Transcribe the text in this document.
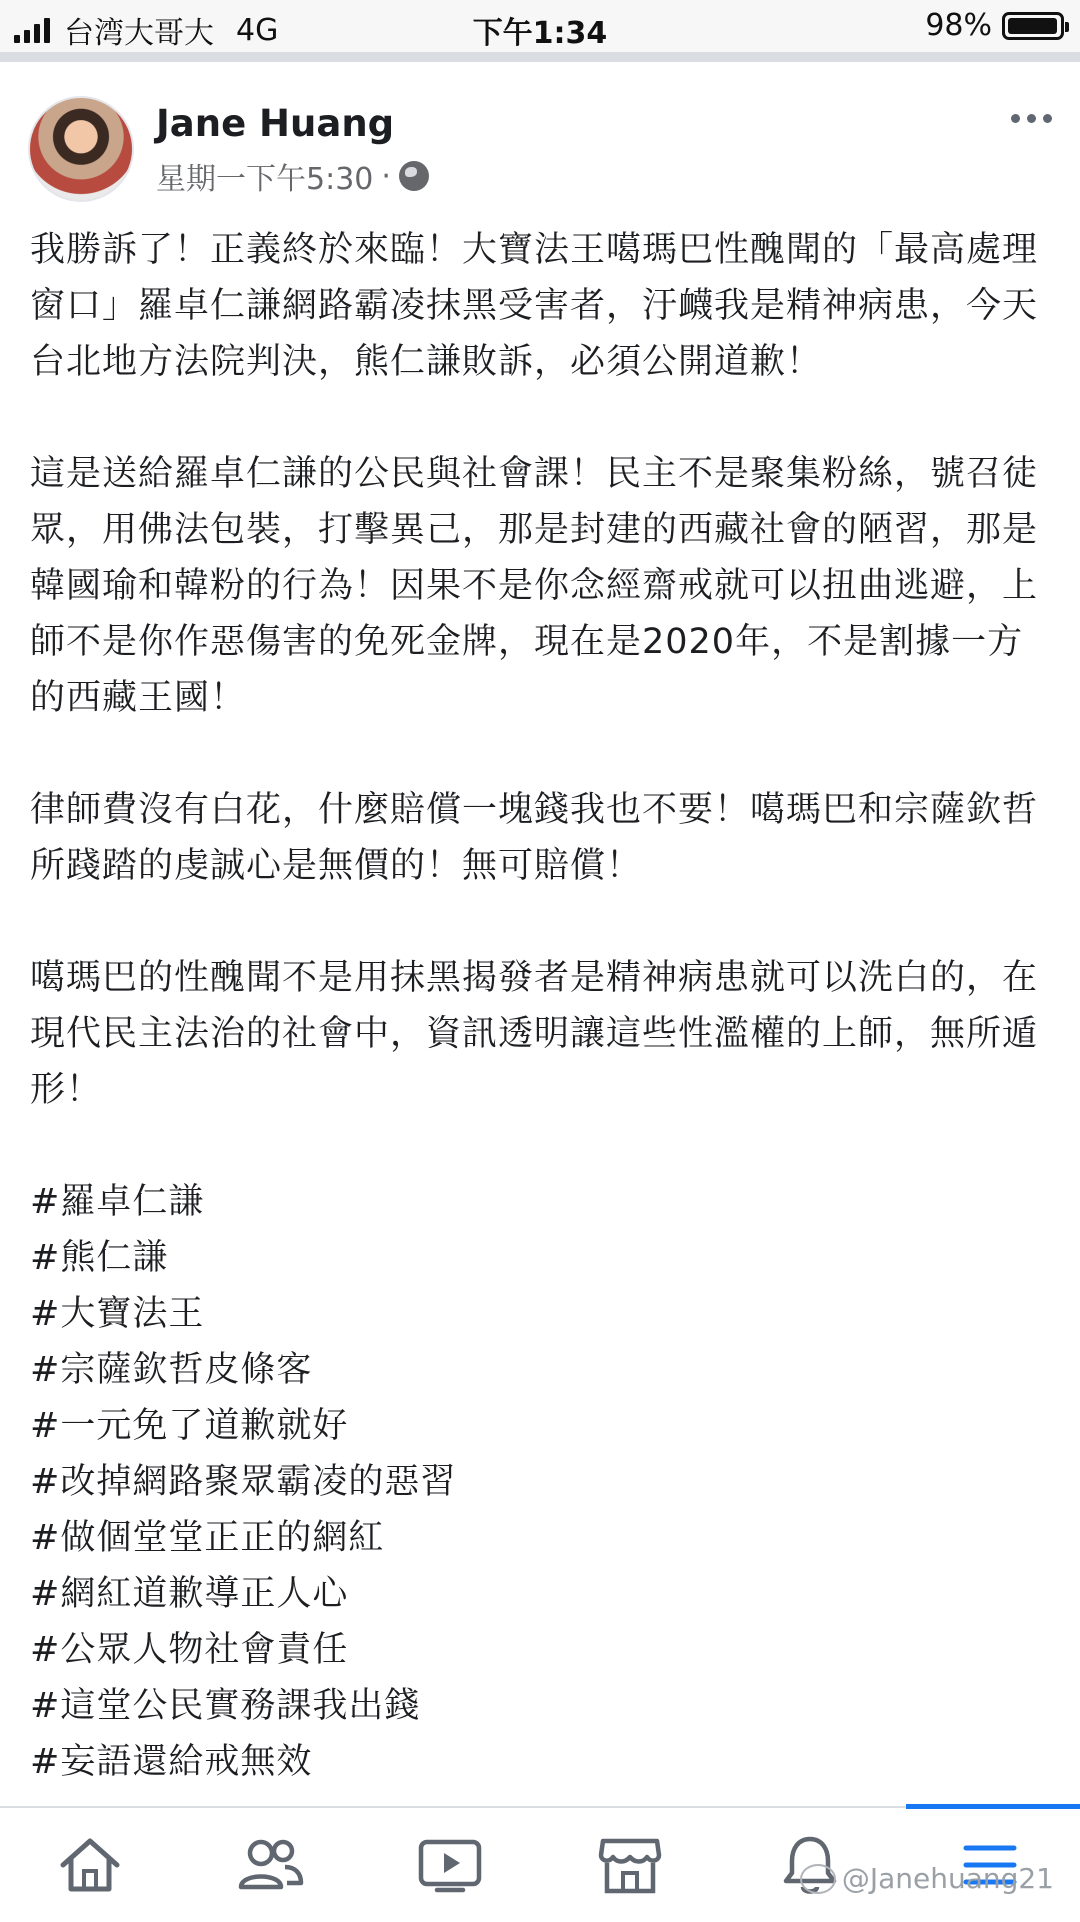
台湾大哥大 4G	下午1:34	98%
Jane Huang
星期一下午5:30 ·

我勝訴了！正義終於來臨！大寶法王噶瑪巴性醜聞的「最高處理窗口」羅卓仁謙網路霸凌抹黑受害者，汙衊我是精神病患，今天台北地方法院判決，熊仁謙敗訴，必須公開道歉！

這是送給羅卓仁謙的公民與社會課！民主不是聚集粉絲，號召徒眾，用佛法包裝，打擊異己，那是封建的西藏社會的陋習，那是韓國瑜和韓粉的行為！因果不是你念經齋戒就可以扭曲逃避，上師不是你作惡傷害的免死金牌，現在是2020年，不是割據一方的西藏王國！

律師費沒有白花，什麼賠償一塊錢我也不要！噶瑪巴和宗薩欽哲所踐踏的虔誠心是無價的！無可賠償！

噶瑪巴的性醜聞不是用抹黑揭發者是精神病患就可以洗白的，在現代民主法治的社會中，資訊透明讓這些性濫權的上師，無所遁形！

#羅卓仁謙
#熊仁謙
#大寶法王
#宗薩欽哲皮條客
#一元免了道歉就好
#改掉網路聚眾霸凌的惡習
#做個堂堂正正的網紅
#網紅道歉導正人心
#公眾人物社會責任
#這堂公民實務課我出錢
#妄語還給戒無效
@Janehuang21
